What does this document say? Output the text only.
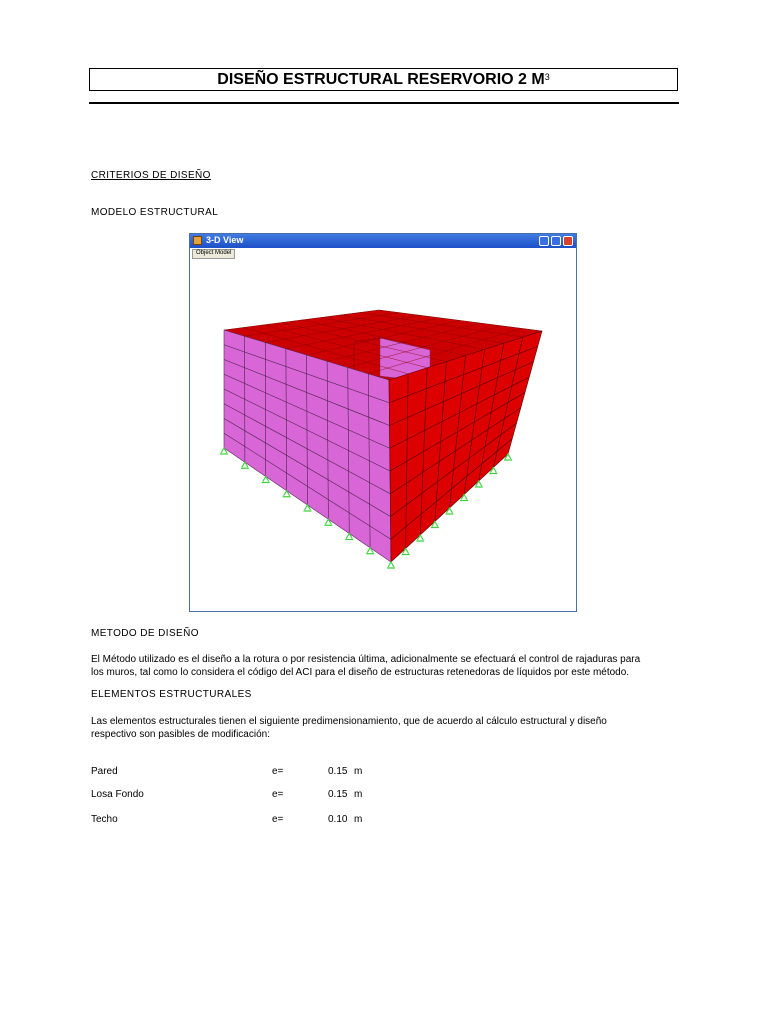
DISEÑO ESTRUCTURAL RESERVORIO 2 $M^3$
CRITERIOS DE DISEÑO
MODELO ESTRUCTURAL
3-D View
Object Model
METODO DE DISEÑO
El Método utilizado es el diseño a la rotura o por resistencia última, adicionalmente se efectuará el control de rajaduras para
los muros, tal como lo considera el código del ACI para el diseño de estructuras retenedoras de líquidos por este método.
ELEMENTOS ESTRUCTURALES
Las elementos estructurales tienen el siguiente predimensionamiento, que de acuerdo al cálculo estructural y diseño
respectivo son pasibles de modificación:
Pared	e=	0.15 m
Losa Fondo	e=	0.15 m
Techo	e=	0.10 m
